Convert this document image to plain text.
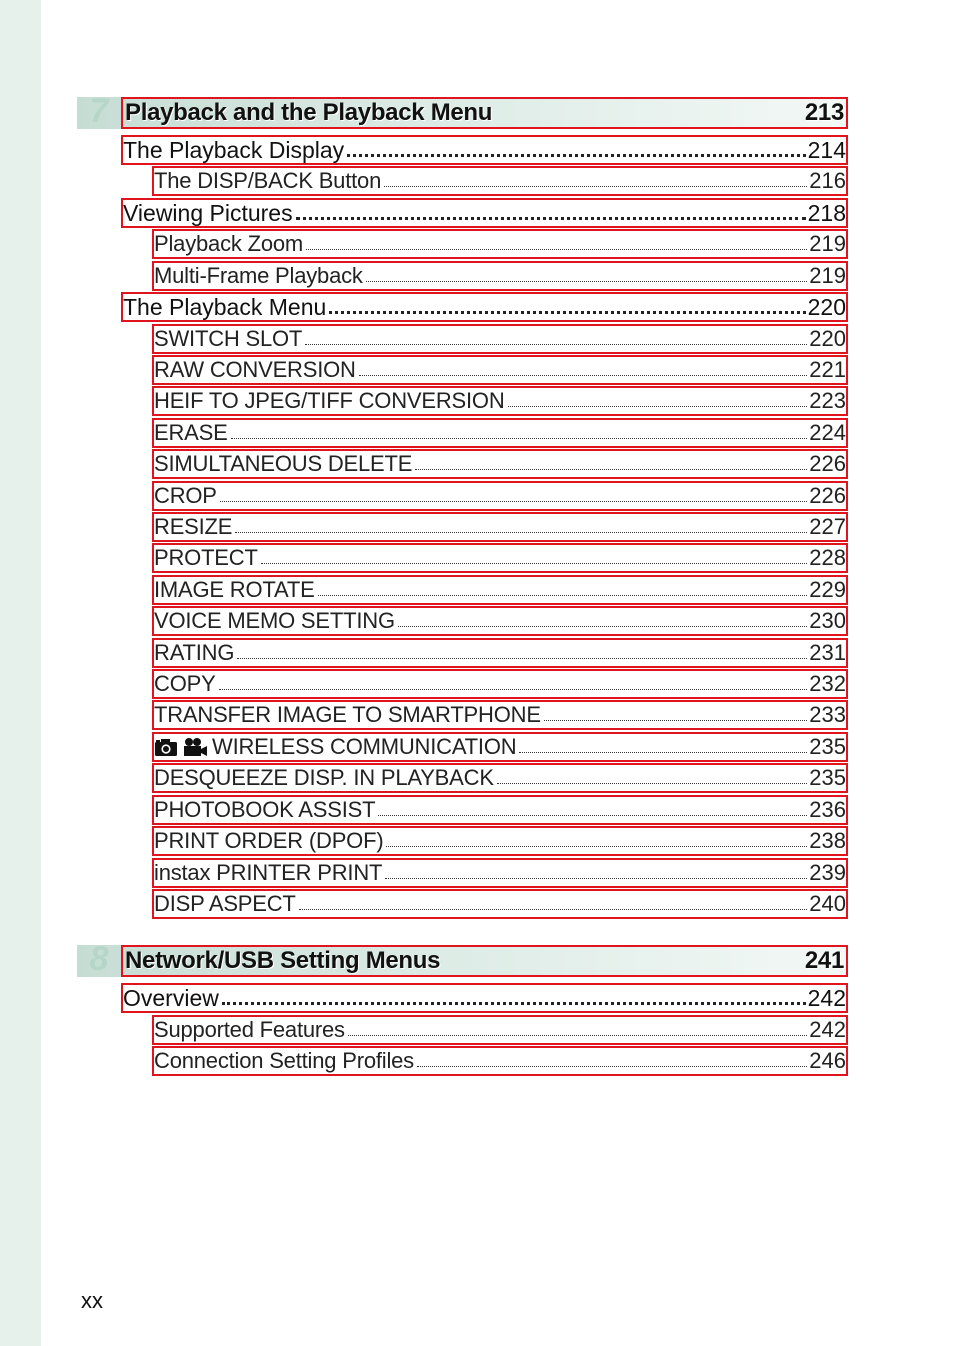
7 Playback and the Playback Menu	213
The Playback Display	214
The DISP/BACK Button	216
Viewing Pictures	218
Playback Zoom	219
Multi-Frame Playback	219
The Playback Menu	220
SWITCH SLOT	220
RAW CONVERSION	221
HEIF TO JPEG/TIFF CONVERSION	223
ERASE	224
SIMULTANEOUS DELETE	226
CROP	226
RESIZE	227
PROTECT	228
IMAGE ROTATE	229
VOICE MEMO SETTING	230
RATING	231
COPY	232
TRANSFER IMAGE TO SMARTPHONE	233
WIRELESS COMMUNICATION	235
DESQUEEZE DISP. IN PLAYBACK	235
PHOTOBOOK ASSIST	236
PRINT ORDER (DPOF)	238
instax PRINTER PRINT	239
DISP ASPECT	240
8 Network/USB Setting Menus	241
Overview	242
Supported Features	242
Connection Setting Profiles	246
xx
